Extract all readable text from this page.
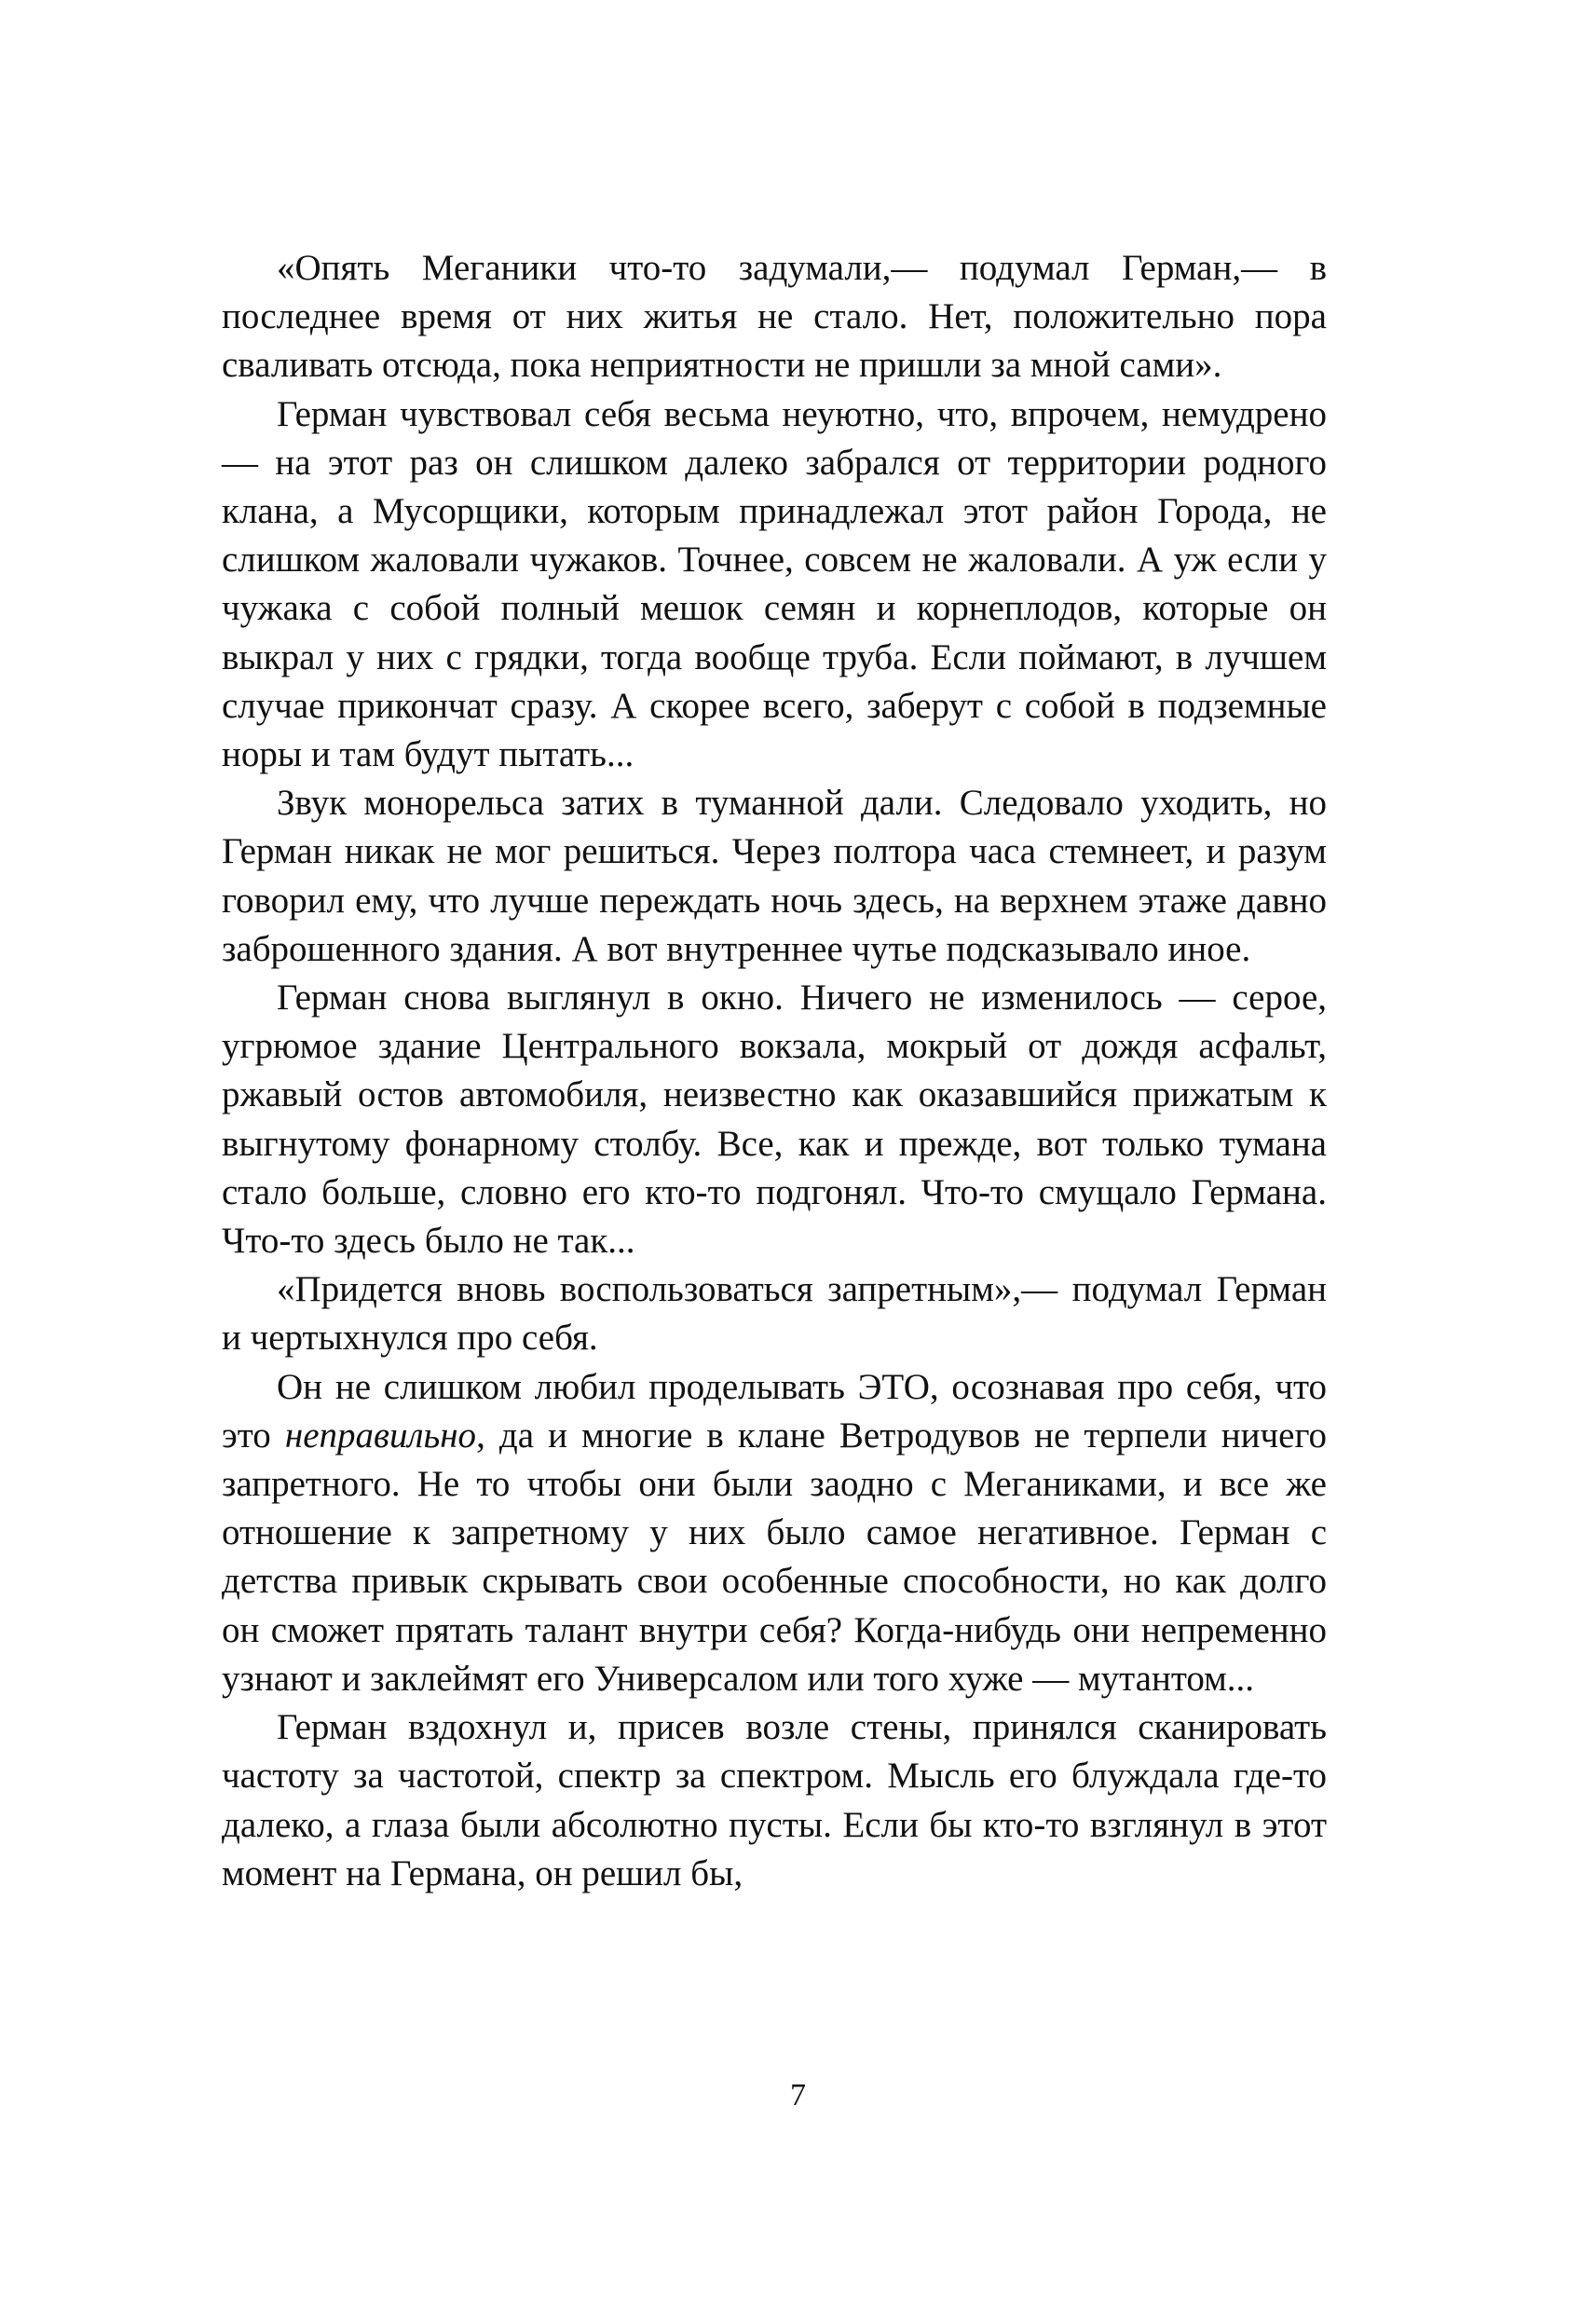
«Опять Меганики что-то задумали,— подумал Герман,— в последнее время от них житья не стало. Нет, положительно пора сваливать отсюда, пока неприятности не пришли за мной сами».

Герман чувствовал себя весьма неуютно, что, впрочем, немудрено — на этот раз он слишком далеко забрался от территории родного клана, а Мусорщики, которым принадлежал этот район Города, не слишком жаловали чужаков. Точнее, совсем не жаловали. А уж если у чужака с собой полный мешок семян и корнеплодов, которые он выкрал у них с грядки, тогда вообще труба. Если поймают, в лучшем случае прикончат сразу. А скорее всего, заберут с собой в подземные норы и там будут пытать...

Звук монорельса затих в туманной дали. Следовало уходить, но Герман никак не мог решиться. Через полтора часа стемнеет, и разум говорил ему, что лучше переждать ночь здесь, на верхнем этаже давно заброшенного здания. А вот внутреннее чутье подсказывало иное.

Герман снова выглянул в окно. Ничего не изменилось — серое, угрюмое здание Центрального вокзала, мокрый от дождя асфальт, ржавый остов автомобиля, неизвестно как оказавшийся прижатым к выгнутому фонарному столбу. Все, как и прежде, вот только тумана стало больше, словно его кто-то подгонял. Что-то смущало Германа. Что-то здесь было не так...

«Придется вновь воспользоваться запретным»,— подумал Герман и чертыхнулся про себя.

Он не слишком любил проделывать ЭТО, осознавая про себя, что это неправильно, да и многие в клане Ветродувов не терпели ничего запретного. Не то чтобы они были заодно с Меганиками, и все же отношение к запретному у них было самое негативное. Герман с детства привык скрывать свои особенные способности, но как долго он сможет прятать талант внутри себя? Когда-нибудь они непременно узнают и заклеймят его Универсалом или того хуже — мутантом...

Герман вздохнул и, присев возле стены, принялся сканировать частоту за частотой, спектр за спектром. Мысль его блуждала где-то далеко, а глаза были абсолютно пусты. Если бы кто-то взглянул в этот момент на Германа, он решил бы,

7
